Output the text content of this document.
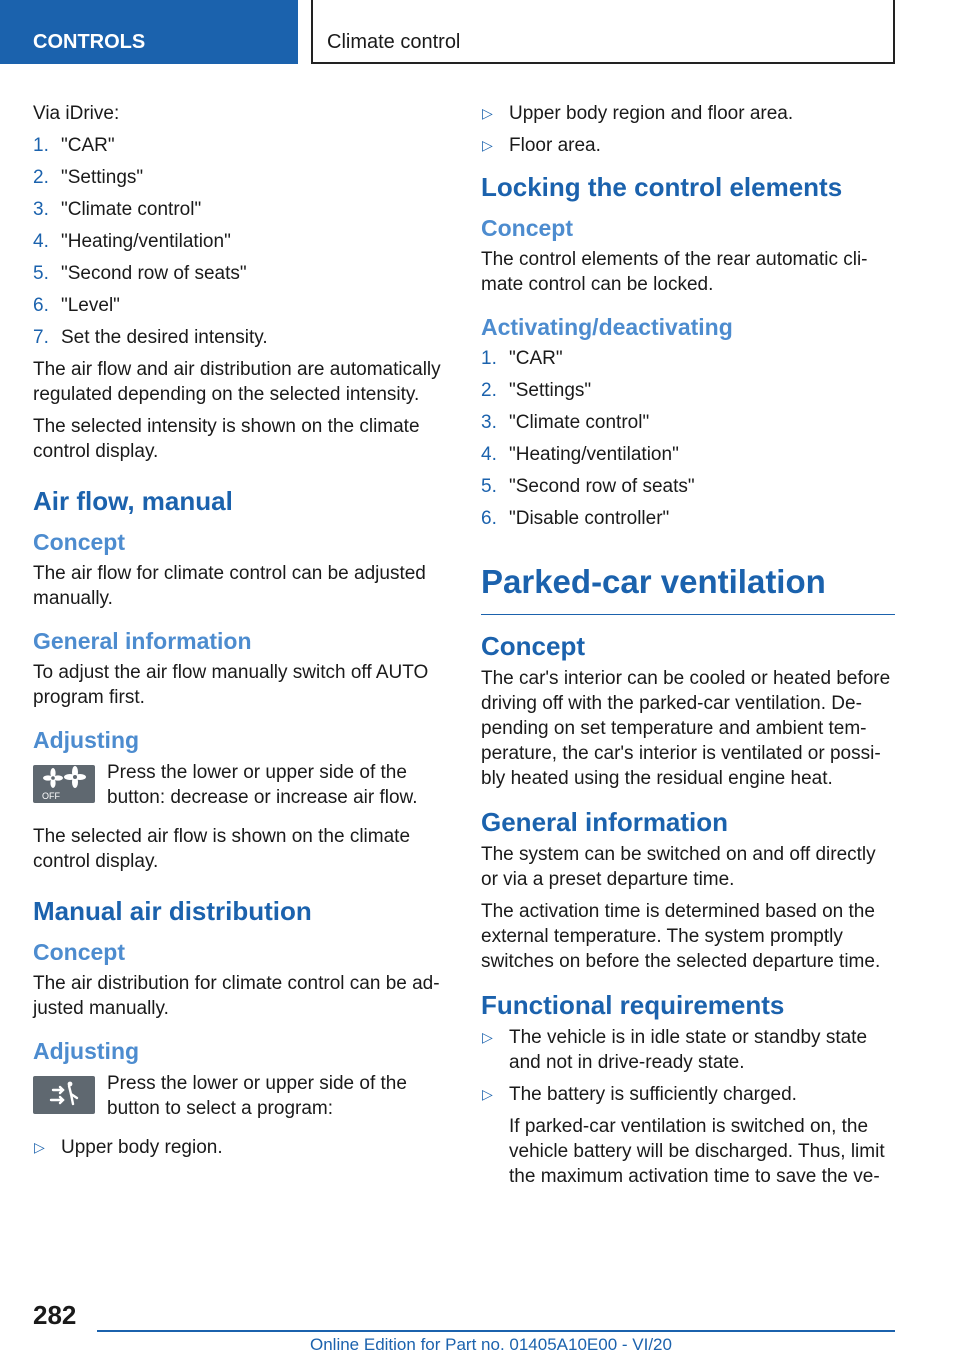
CONTROLS	Climate control

Via iDrive:

1. "CAR"
2. "Settings"
3. "Climate control"
4. "Heating/ventilation"
5. "Second row of seats"
6. "Level"
7. Set the desired intensity.

The air flow and air distribution are automatically regulated depending on the selected intensity.

The selected intensity is shown on the climate control display.

Air flow, manual
Concept

The air flow for climate control can be adjusted manually.

General information

To adjust the air flow manually switch off AUTO program first.

Adjusting
OFF
Press the lower or upper side of the button: decrease or increase air flow.

The selected air flow is shown on the climate control display.

Manual air distribution
Concept

The air distribution for climate control can be ad‐justed manually.

Adjusting
Press the lower or upper side of the button to select a program:
▷ Upper body region.
▷ Upper body region and floor area.
▷ Floor area.
Locking the control elements
Concept

The control elements of the rear automatic cli‐mate control can be locked.

Activating/deactivating
1. "CAR"
2. "Settings"
3. "Climate control"
4. "Heating/ventilation"
5. "Second row of seats"
6. "Disable controller"
Parked-car ventilation
Concept

The car's interior can be cooled or heated before driving off with the parked-car ventilation. De‐pending on set temperature and ambient tem‐perature, the car's interior is ventilated or possi‐bly heated using the residual engine heat.

General information

The system can be switched on and off directly or via a preset departure time.

The activation time is determined based on the external temperature. The system promptly switches on before the selected departure time.

Functional requirements
▷ The vehicle is in idle state or standby state and not in drive-ready state.
▷ The battery is sufficiently charged.
If parked-car ventilation is switched on, the vehicle battery will be discharged. Thus, limit the maximum activation time to save the ve‐
282
Online Edition for Part no. 01405A10E00 - VI/20
